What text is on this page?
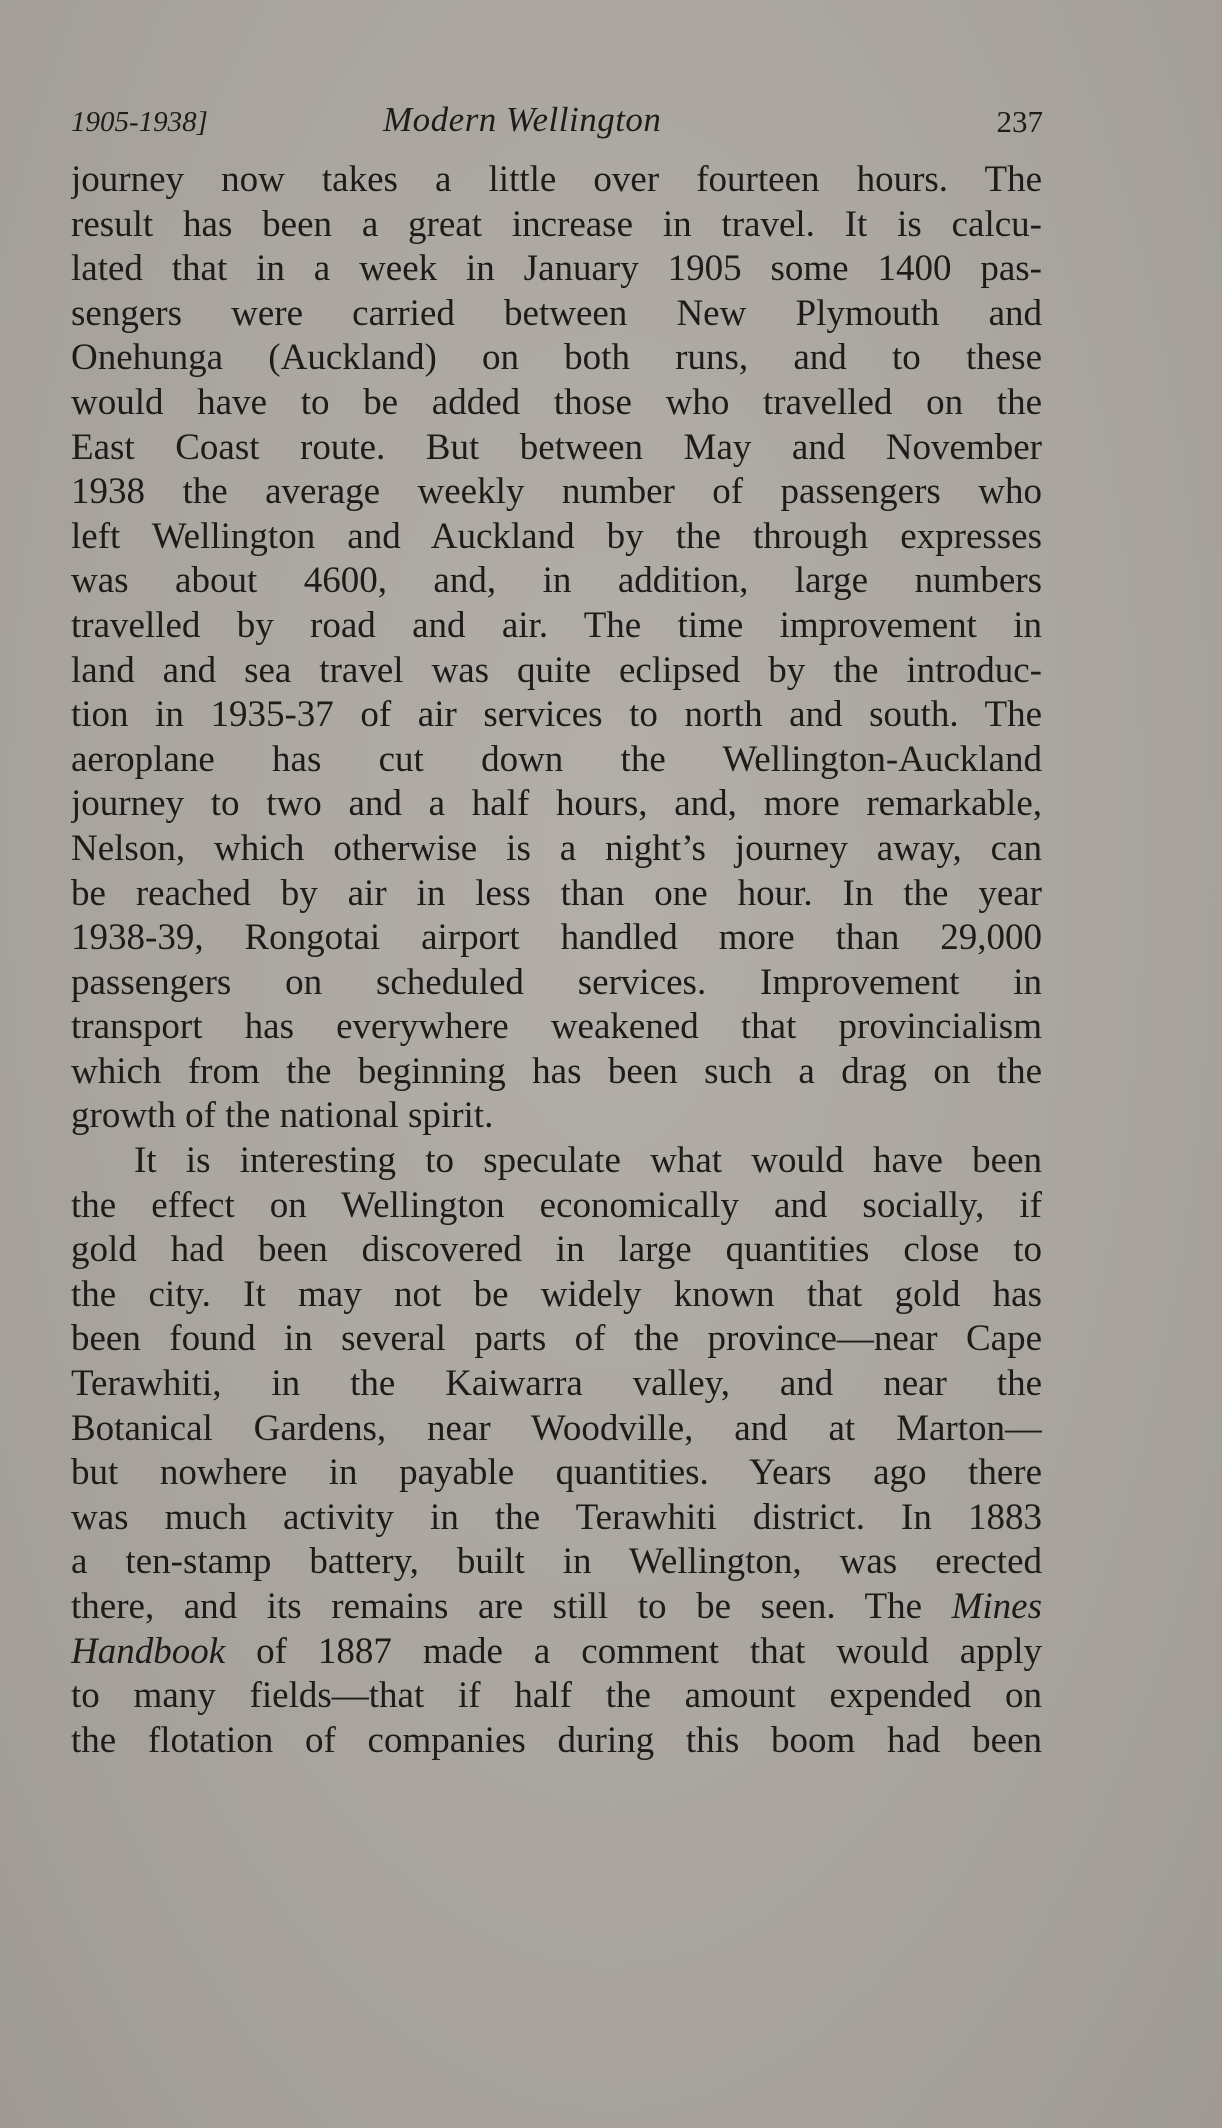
1905-1938]	Modern Wellington	237
journey now takes a little over fourteen hours. The
result has been a great increase in travel. It is calcu-
lated that in a week in January 1905 some 1400 pas-
sengers were carried between New Plymouth and
Onehunga (Auckland) on both runs, and to these
would have to be added those who travelled on the
East Coast route. But between May and November
1938 the average weekly number of passengers who
left Wellington and Auckland by the through expresses
was about 4600, and, in addition, large numbers
travelled by road and air. The time improvement in
land and sea travel was quite eclipsed by the introduc-
tion in 1935-37 of air services to north and south. The
aeroplane has cut down the Wellington-Auckland
journey to two and a half hours, and, more remarkable,
Nelson, which otherwise is a night’s journey away, can
be reached by air in less than one hour. In the year
1938-39, Rongotai airport handled more than 29,000
passengers on scheduled services. Improvement in
transport has everywhere weakened that provincialism
which from the beginning has been such a drag on the
growth of the national spirit.
It is interesting to speculate what would have been
the effect on Wellington economically and socially, if
gold had been discovered in large quantities close to
the city. It may not be widely known that gold has
been found in several parts of the province—near Cape
Terawhiti, in the Kaiwarra valley, and near the
Botanical Gardens, near Woodville, and at Marton—
but nowhere in payable quantities. Years ago there
was much activity in the Terawhiti district. In 1883
a ten-stamp battery, built in Wellington, was erected
there, and its remains are still to be seen. The Mines
Handbook of 1887 made a comment that would apply
to many fields—that if half the amount expended on
the flotation of companies during this boom had been
